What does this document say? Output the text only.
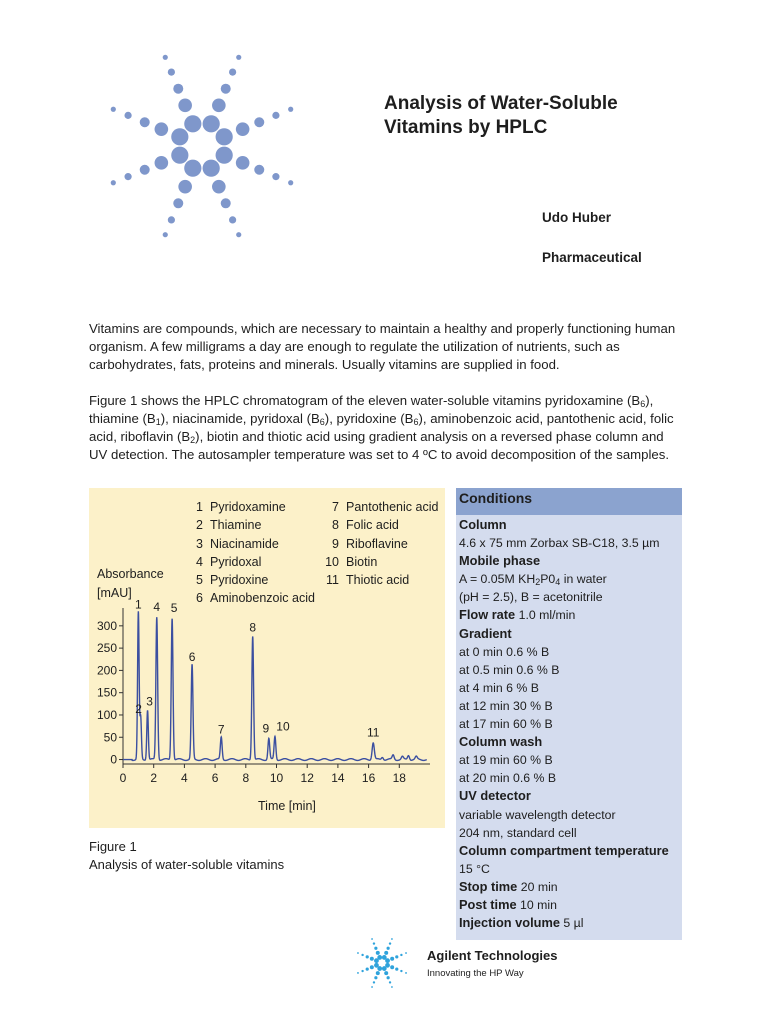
Analysis of Water-Soluble
Vitamins by HPLC
Udo Huber
Pharmaceutical
Vitamins are compounds, which are necessary to maintain a healthy and properly functioning human organism. A few milligrams a day are enough to regulate the utilization of nutrients, such as carbohydrates, fats, proteins and minerals. Usually vitamins are supplied in food.
Figure 1 shows the HPLC chromatogram of the eleven water-soluble vitamins pyridoxamine $(B_6)$, thiamine $(B_1)$, niacinamide, pyridoxal $(B_6)$, pyridoxine $(B_6)$, aminobenzoic acid, pantothenic acid, folic acid, riboflavin $(B_2)$, biotin and thiotic acid using gradient analysis on a reversed phase column and UV detection. The autosampler temperature was set to 4 ºC to avoid decomposition of the samples.
0
50
100
150
200
250
300
0 2 4 6 8 10 12 14 16 18
1
2
3
4 5
6
7
8
9 10	11
1 Pyridoxamine
2 Thiamine
3 Niacinamide
4 Pyridoxal
5 Pyridoxine
6 Aminobenzoic acid
7 Pantothenic acid
8 Folic acid
9 Riboflavine
10 Biotin
11 Thiotic acid
Absorbance
[mAU]
Time [min]
Figure 1
Analysis of water-soluble vitamins
Conditions
Column
4.6 x 75 mm Zorbax SB-C18, 3.5 µm
Mobile phase
A = 0.05M $KH_2P0_4$ in water
(pH = 2.5), B = acetonitrile
Flow rate 1.0 ml/min
Gradient
at 0 min 0.6 % B
at 0.5 min 0.6 % B
at 4 min 6 % B
at 12 min 30 % B
at 17 min 60 % B
Column wash
at 19 min 60 % B
at 20 min 0.6 % B
UV detector
variable wavelength detector
204 nm, standard cell
Column compartment temperature
15 °C
Stop time 20 min
Post time 10 min
Injection volume 5 µl
Agilent Technologies
Innovating the HP Way
